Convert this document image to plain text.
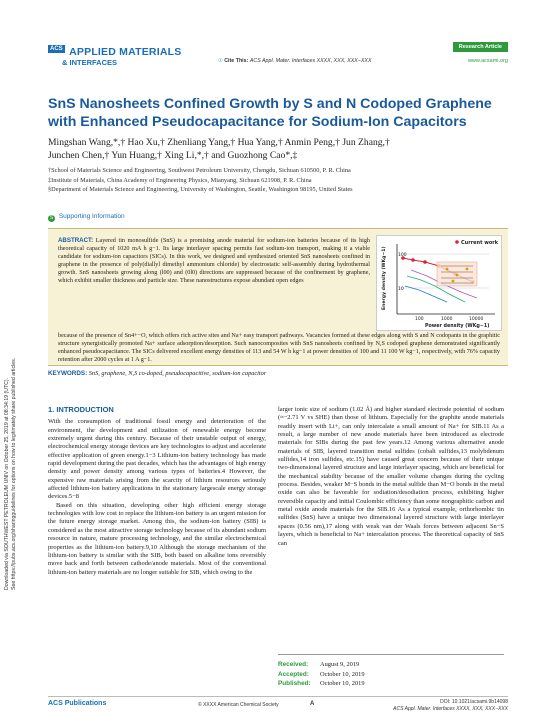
Downloaded via SOUTHWEST PETROLEUM UNIV on October 25, 2019 at 08:34:19 (UTC). See https://pubs.acs.org/sharingguidelines for options on how to legitimately share published articles.
ACS APPLIED MATERIALS
& INTERFACES
Research Article
☉ Cite This: ACS Appl. Mater. Interfaces XXXX, XXX, XXX−XXX	www.acsami.org
SnS Nanosheets Confined Growth by S and N Codoped Graphene with Enhanced Pseudocapacitance for Sodium-Ion Capacitors
Mingshan Wang,*,† Hao Xu,† Zhenliang Yang,† Hua Yang,† Anmin Peng,† Jun Zhang,†
Junchen Chen,† Yun Huang,† Xing Li,*,† and Guozhong Cao*,‡
†School of Materials Science and Engineering, Southwest Petroleum University, Chengdu, Sichuan 610500, P. R. China
‡Institute of Materials, China Academy of Engineering Physics, Mianyang, Sichuan 621908, P. R. China
§Department of Materials Science and Engineering, University of Washington, Seattle, Washington 98195, United States
S Supporting Information
ABSTRACT: Layered tin monosulfide (SnS) is a promising anode material for sodium-ion batteries because of its high theoretical capacity of 1020 mA h g−1. Its large interlayer spacing permits fast sodium-ion transport, making it a viable candidate for sodium-ion capacitors (SICs). In this work, we designed and synthesized oriented SnS nanosheets confined in graphene in the presence of poly(diallyl dimethyl ammonium chloride) by electrostatic self-assembly during hydrothermal growth. SnS nanosheets growing along (l00) and (0l0) directions are suppressed because of the confinement by graphene, which exhibit smaller thickness and particle size. These nanostructures expose abundant open edges
Current work
100
10
100	1000	10000
Power density (WKg−1)
Energy density (WKg−1)
because of the presence of Sn4+−O, which offers rich active sites and Na+ easy transport pathways. Vacancies formed at these edges along with S and N codopants in the graphitic structure synergistically promoted Na+ surface adsorption/desorption. Such nanocomposites with SnS nanosheets confined by N,S codoped graphene demonstrated significantly enhanced pseudocapacitance. The SICs delivered excellent energy densities of 113 and 54 W h kg−1 at power densities of 100 and 11 100 W kg−1, respectively, with 76% capacity retention after 2000 cycles at 1 A g−1.
KEYWORDS: SnS, graphene, N,S co-doped, pseudocapacitive, sodium-ion capacitor
1. INTRODUCTION

With the consumption of traditional fossil energy and deterioration of the environment, the development and utilization of renewable energy become extremely urgent during this century. Because of their unstable output of energy, electrochemical energy storage devices are key technologies to adjust and accelerate effective application of green energy.1−3 Lithium-ion battery technology has made rapid development during the past decades, which has the advantages of high energy density and power density among various types of batteries.4 However, the expensive raw materials arising from the scarcity of lithium resources seriously affected lithium-ion battery applications in the stationary largescale energy storage devices.5−8

Based on this situation, developing other high efficient energy storage technologies with low cost to replace the lithium-ion battery is an urgent mission for the future energy storage market. Among this, the sodium-ion battery (SIB) is considered as the most attractive storage technology because of its abundant sodium resource in nature, mature processing technology, and the similar electrochemical properties as the lithium-ion battery.9,10 Although the storage mechanism of the lithium-ion battery is similar with the SIB, both based on alkaline ions reversibly move back and forth between cathode/anode materials. Most of the conventional lithium-ion battery materials are no longer suitable for SIB, which owing to the

larger ionic size of sodium (1.02 Å) and higher standard electrode potential of sodium (≈−2.71 V vs SHE) than those of lithium. Especially for the graphite anode materials readily insert with Li+, can only intercalate a small amount of Na+ for SIB.11 As a result, a large number of new anode materials have been introduced as electrode materials for SIBs during the past few years.12 Among various alternative anode materials of SIB, layered transition metal sulfides (cobalt sulfides,13 molybdenum sulfides,14 iron sulfides, etc.15) have caused great concern because of their unique two-dimensional layered structure and large interlayer spacing, which are beneficial for the mechanical stability because of the smaller volume changes during the cycling process. Besides, weaker M−S bonds in the metal sulfide than M−O bonds in the metal oxide can also be favorable for sodiation/desodiation process, exhibiting higher reversible capacity and initial Coulombic efficiency than some nongraphitic carbon and metal oxide anode materials for the SIB.16 As a typical example, orthorhombic tin sulfides (SnS) have a unique two dimensional layered structure with large interlayer spaces (0.56 nm),17 along with weak van der Waals forces between adjacent Sn−S layers, which is beneficial to Na+ intercalation process. The theoretical capacity of SnS can

Received: August 9, 2019
Accepted: October 10, 2019
Published: October 10, 2019
ACS Publications	© XXXX American Chemical Society	A	DOI: 10.1021/acsami.9b14098
ACS Appl. Mater. Interfaces XXXX, XXX, XXX−XXX
